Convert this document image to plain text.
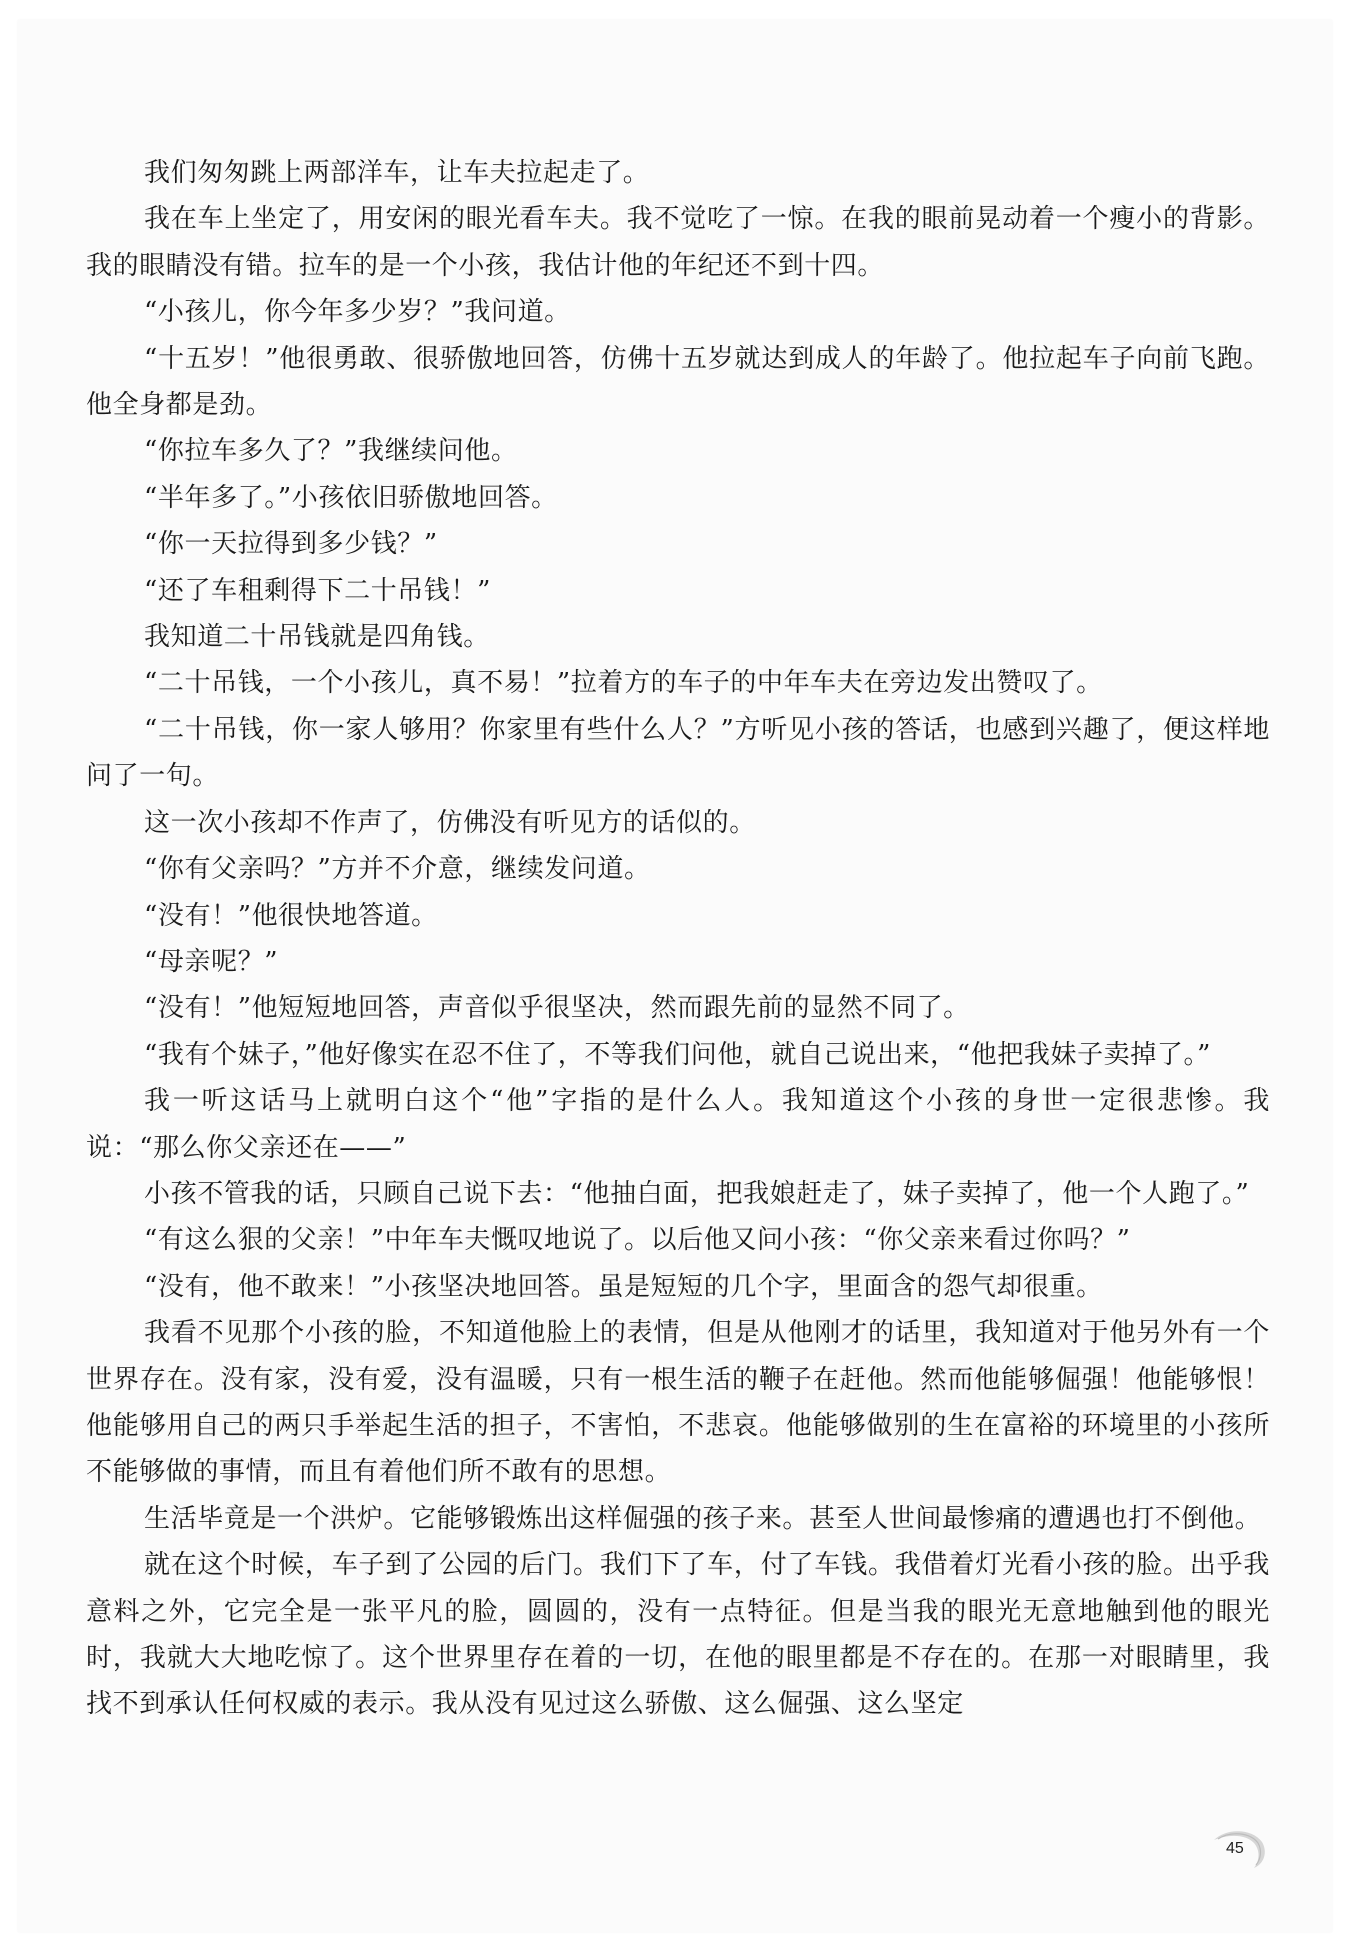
我们匆匆跳上两部洋车，让车夫拉起走了。

我在车上坐定了，用安闲的眼光看车夫。我不觉吃了一惊。在我的眼前晃动着一个瘦小的背影。我的眼睛没有错。拉车的是一个小孩，我估计他的年纪还不到十四。

“小孩儿，你今年多少岁？”我问道。

“十五岁！”他很勇敢、很骄傲地回答，仿佛十五岁就达到成人的年龄了。他拉起车子向前飞跑。他全身都是劲。

“你拉车多久了？”我继续问他。

“半年多了。”小孩依旧骄傲地回答。

“你一天拉得到多少钱？”

“还了车租剩得下二十吊钱！”

我知道二十吊钱就是四角钱。

“二十吊钱，一个小孩儿，真不易！”拉着方的车子的中年车夫在旁边发出赞叹了。

“二十吊钱，你一家人够用？你家里有些什么人？”方听见小孩的答话，也感到兴趣了，便这样地问了一句。

这一次小孩却不作声了，仿佛没有听见方的话似的。

“你有父亲吗？”方并不介意，继续发问道。

“没有！”他很快地答道。

“母亲呢？”

“没有！”他短短地回答，声音似乎很坚决，然而跟先前的显然不同了。

“我有个妹子，”他好像实在忍不住了，不等我们问他，就自己说出来，“他把我妹子卖掉了。”

我一听这话马上就明白这个“他”字指的是什么人。我知道这个小孩的身世一定很悲惨。我说：“那么你父亲还在——”

小孩不管我的话，只顾自己说下去：“他抽白面，把我娘赶走了，妹子卖掉了，他一个人跑了。”

“有这么狠的父亲！”中年车夫慨叹地说了。以后他又问小孩：“你父亲来看过你吗？”

“没有，他不敢来！”小孩坚决地回答。虽是短短的几个字，里面含的怨气却很重。

我看不见那个小孩的脸，不知道他脸上的表情，但是从他刚才的话里，我知道对于他另外有一个世界存在。没有家，没有爱，没有温暖，只有一根生活的鞭子在赶他。然而他能够倔强！他能够恨！他能够用自己的两只手举起生活的担子，不害怕，不悲哀。他能够做别的生在富裕的环境里的小孩所不能够做的事情，而且有着他们所不敢有的思想。

生活毕竟是一个洪炉。它能够锻炼出这样倔强的孩子来。甚至人世间最惨痛的遭遇也打不倒他。

就在这个时候，车子到了公园的后门。我们下了车，付了车钱。我借着灯光看小孩的脸。出乎我意料之外，它完全是一张平凡的脸，圆圆的，没有一点特征。但是当我的眼光无意地触到他的眼光时，我就大大地吃惊了。这个世界里存在着的一切，在他的眼里都是不存在的。在那一对眼睛里，我找不到承认任何权威的表示。我从没有见过这么骄傲、这么倔强、这么坚定

45
